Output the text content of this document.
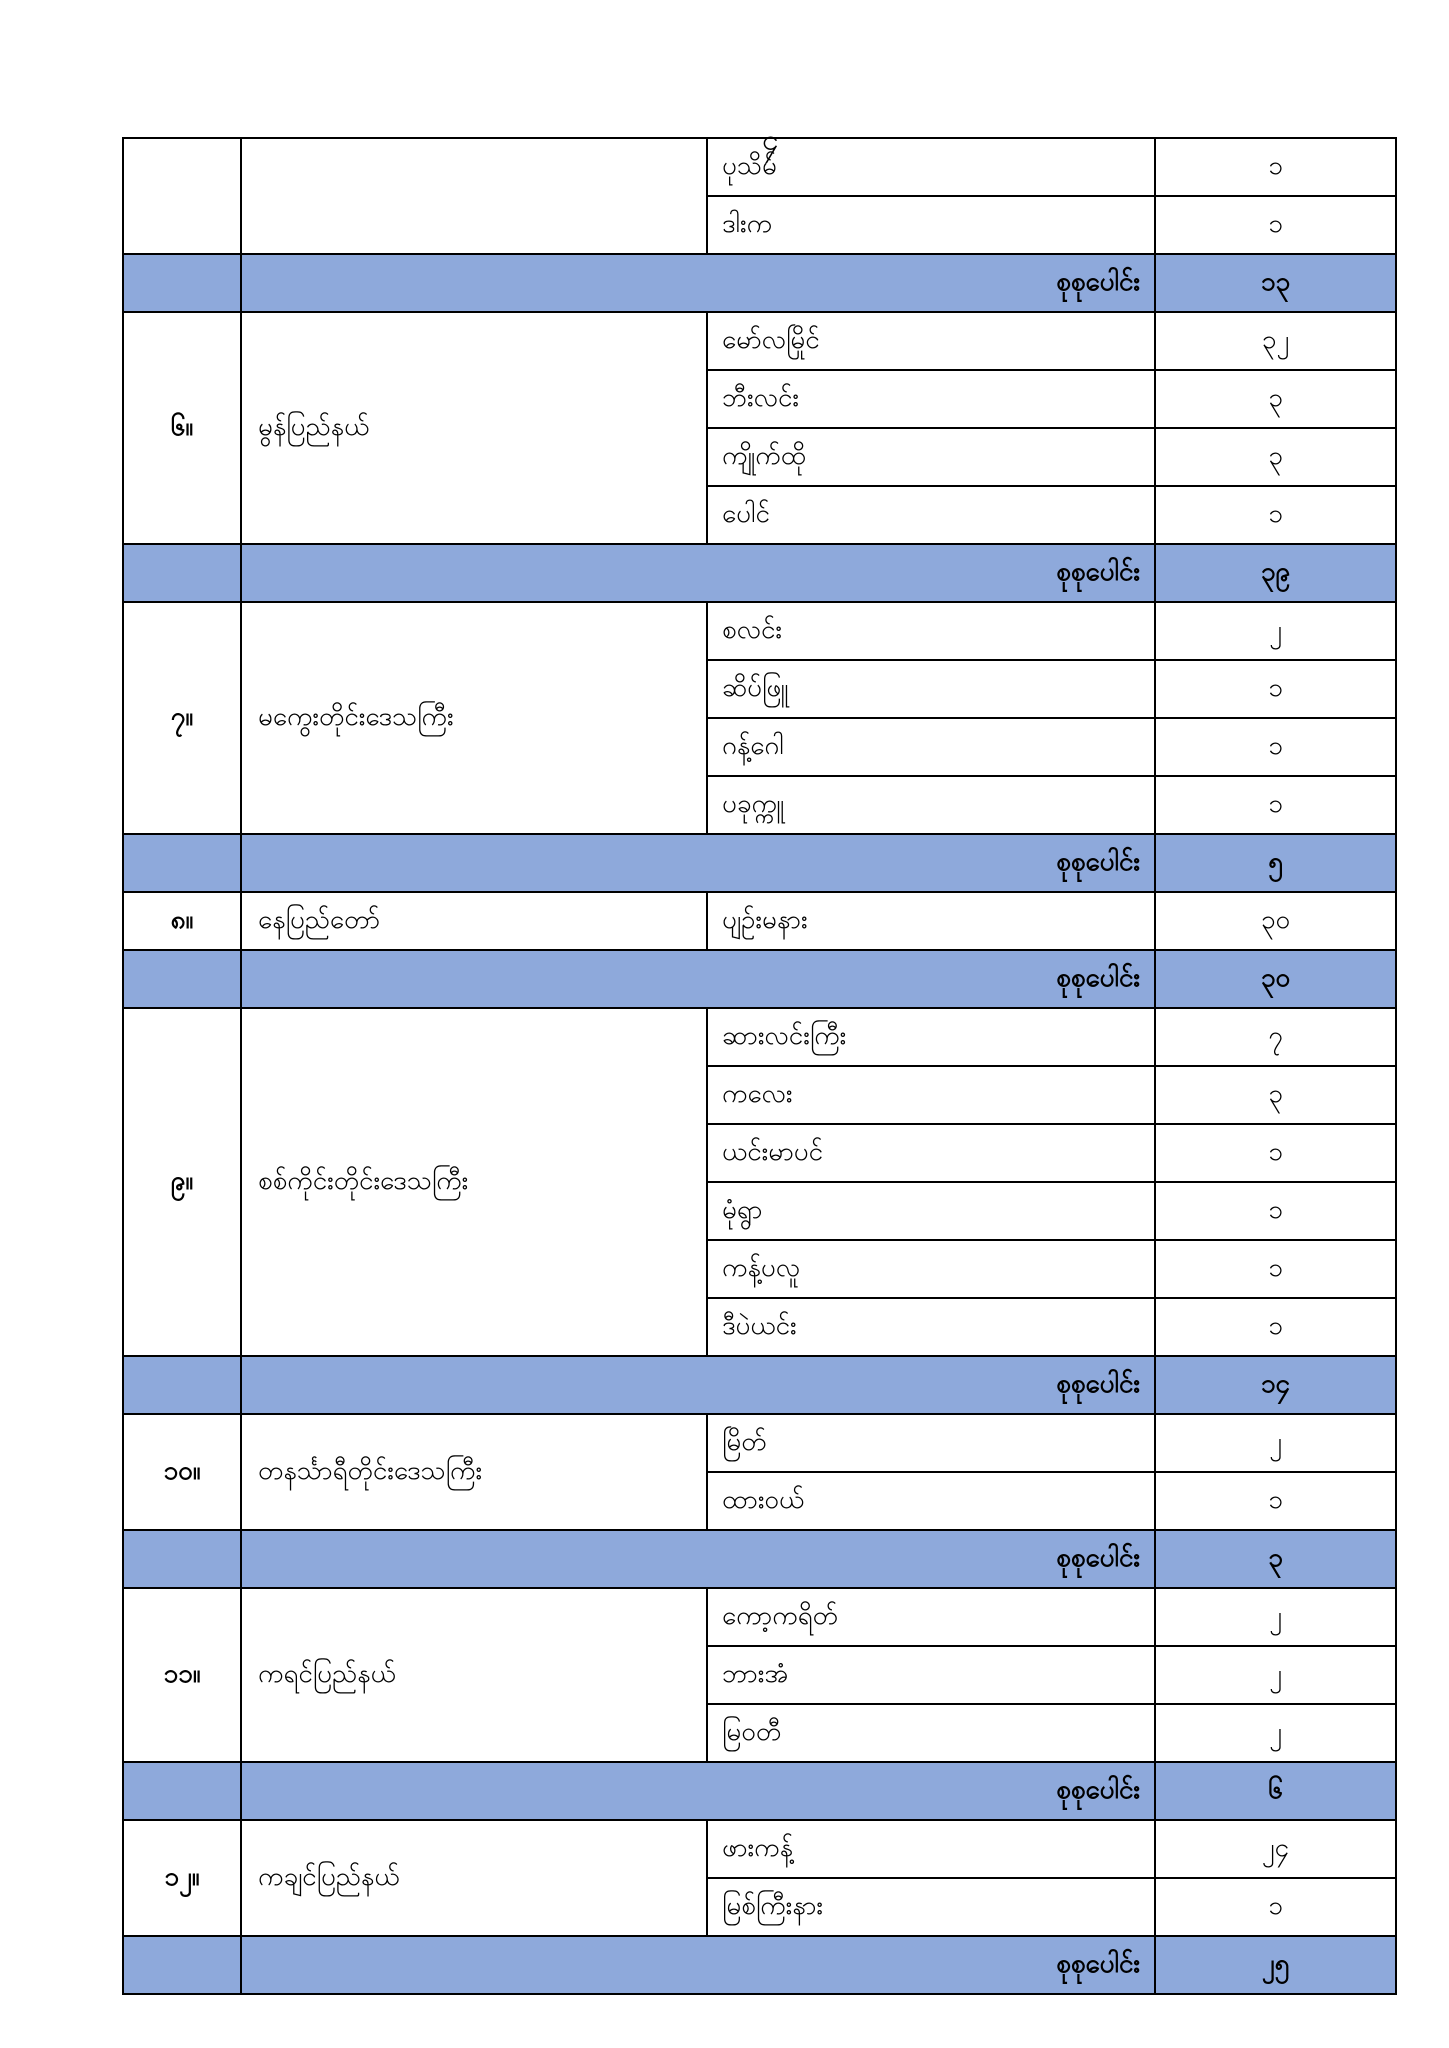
၄
		ပုသိမ်	၁
		ဒါးက	၁
	စုစုပေါင်း		၁၃
၆။	မွန်ပြည်နယ်	မော်လမြိုင်	၃၂
		ဘီးလင်း	၃
		ကျိုက်ထို	၃
		ပေါင်	၁
	စုစုပေါင်း		၃၉
၇။	မကွေးတိုင်းဒေသကြီး	စလင်း	၂
		ဆိပ်ဖြူ	၁
		ဂန့်ဂေါ	၁
		ပခုက္ကူ	၁
	စုစုပေါင်း		၅
၈။	နေပြည်တော်	ပျဉ်းမနား	၃၀
	စုစုပေါင်း		၃၀
၉။	စစ်ကိုင်းတိုင်းဒေသကြီး	ဆားလင်းကြီး	၇
		ကလေး	၃
		ယင်းမာပင်	၁
		မုံရွာ	၁
		ကန့်ပလူ	၁
		ဒီပဲယင်း	၁
	စုစုပေါင်း		၁၄
၁၀။	တနင်္သာရီတိုင်းဒေသကြီး	မြိတ်	၂
		ထားဝယ်	၁
	စုစုပေါင်း		၃
၁၁။	ကရင်ပြည်နယ်	ကော့ကရိတ်	၂
		ဘားအံ	၂
		မြဝတီ	၂
	စုစုပေါင်း		၆
၁၂။	ကချင်ပြည်နယ်	ဖားကန့်	၂၄
		မြစ်ကြီးနား	၁
	စုစုပေါင်း		၂၅
